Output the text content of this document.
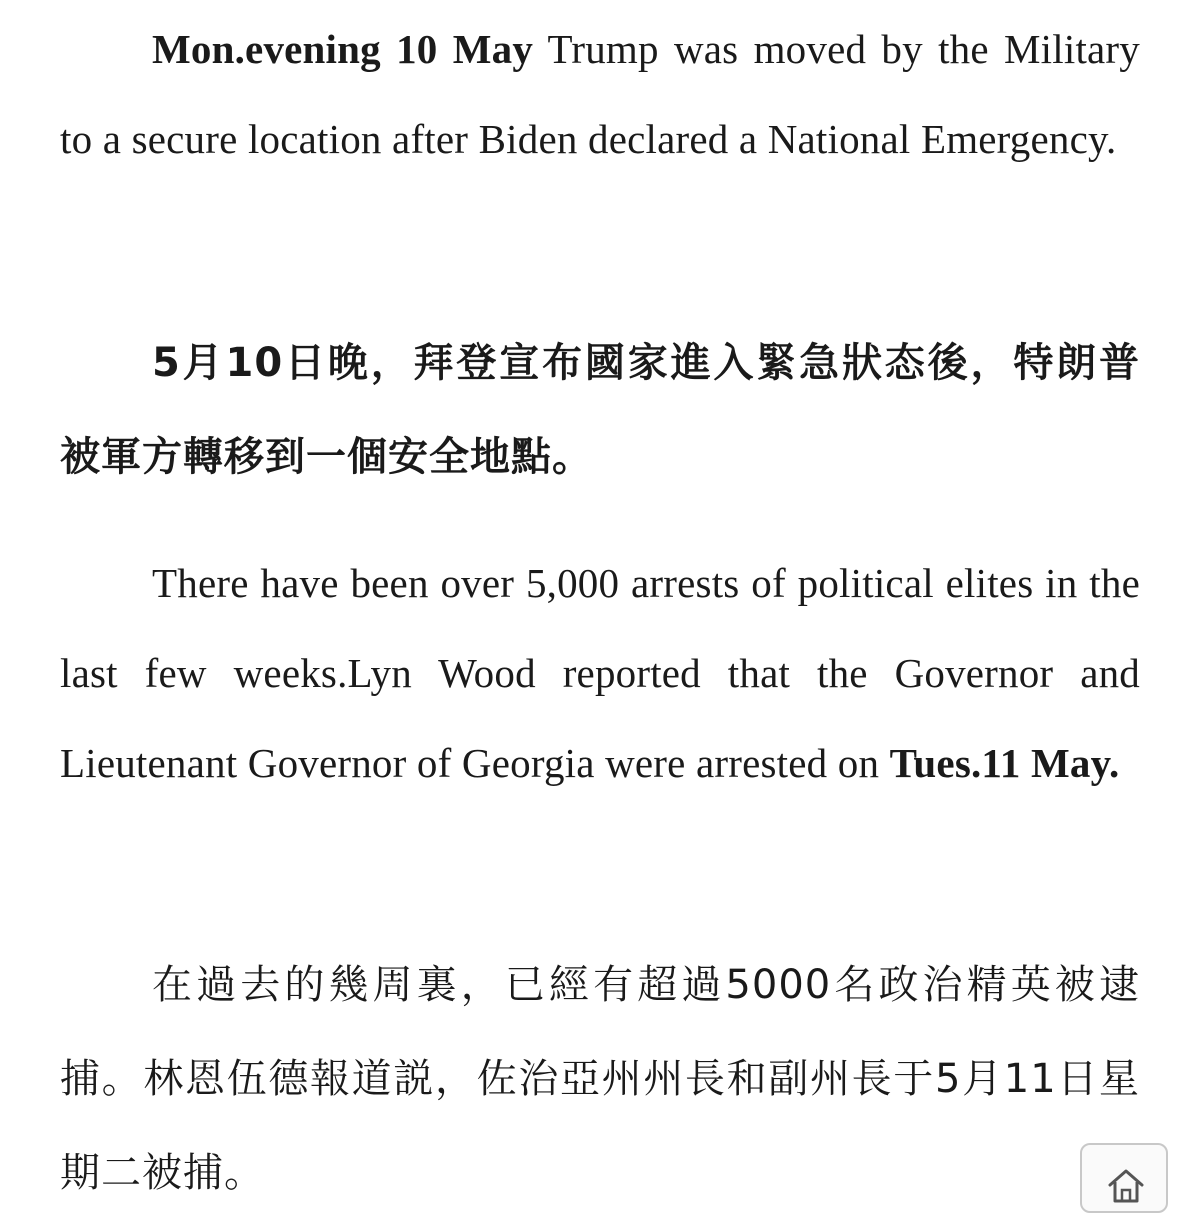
Mon.evening 10 May Trump was moved by the Military to a secure location after Biden declared a National Emergency.

5月10日晚，拜登宣布國家進入緊急狀态後，特朗普被軍方轉移到一個安全地點。

There have been over 5,000 arrests of political elites in the last few weeks.Lyn Wood reported that the Governor and Lieutenant Governor of Georgia were arrested on Tues.11 May.

在過去的幾周裏，已經有超過5000名政治精英被逮捕。林恩伍德報道説，佐治亞州州長和副州長于5月11日星期二被捕。
